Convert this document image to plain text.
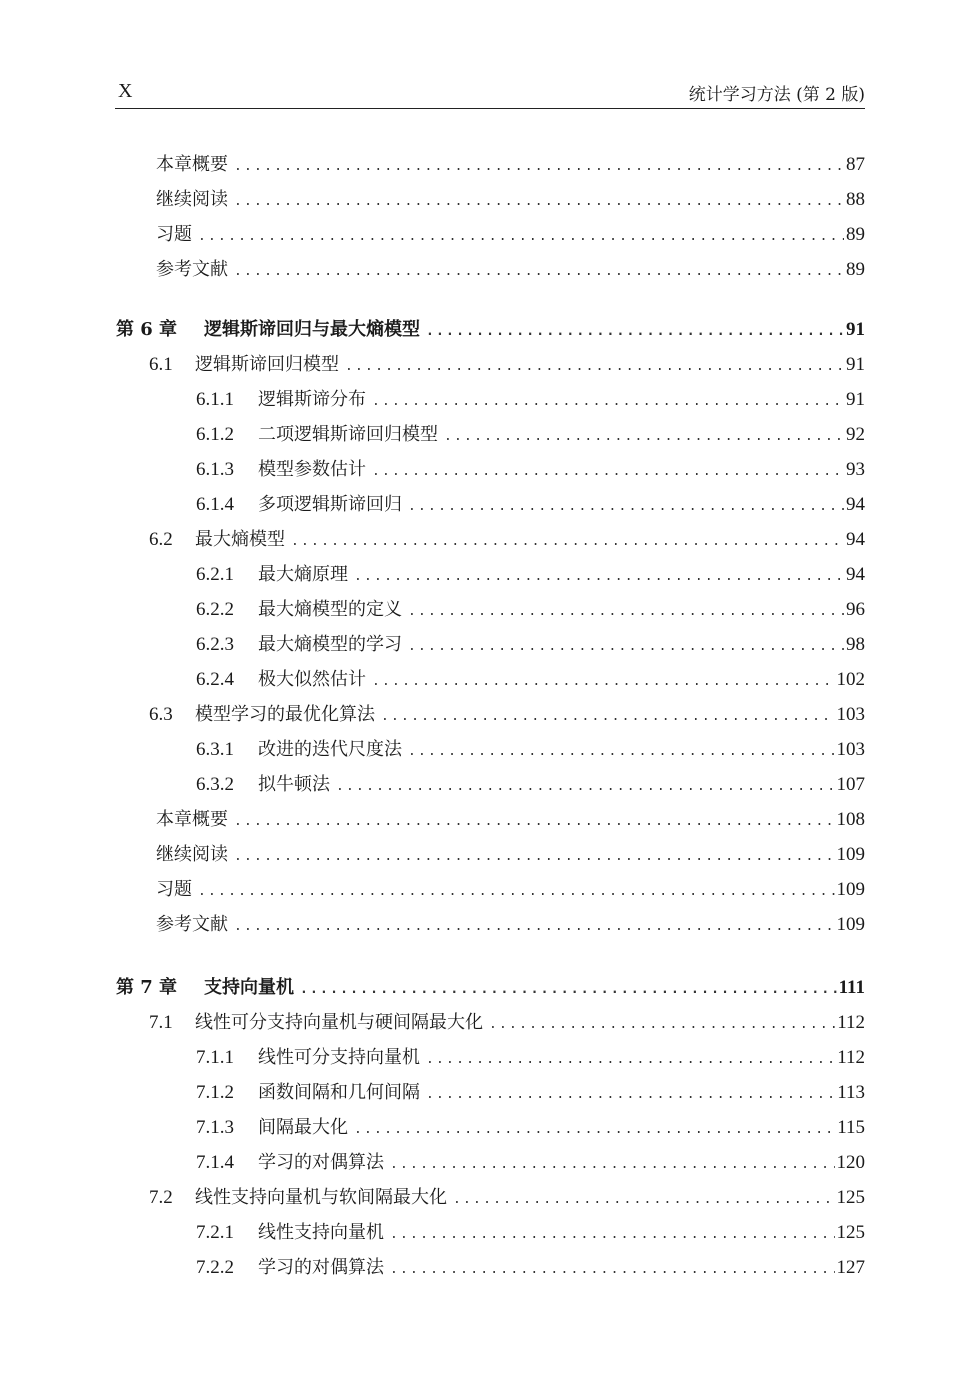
X	统计学习方法 (第 2 版)
本章概要 .....	87
继续阅读 .....	88
习题 .....	89
参考文献 .....	89
第 6 章	逻辑斯谛回归与最大熵模型 .....	91
6.1	逻辑斯谛回归模型 .....	91
6.1.1	逻辑斯谛分布 .....	91
6.1.2	二项逻辑斯谛回归模型 .....	92
6.1.3	模型参数估计 .....	93
6.1.4	多项逻辑斯谛回归 .....	94
6.2	最大熵模型 .....	94
6.2.1	最大熵原理 .....	94
6.2.2	最大熵模型的定义 .....	96
6.2.3	最大熵模型的学习 .....	98
6.2.4	极大似然估计 .....	102
6.3	模型学习的最优化算法 .....	103
6.3.1	改进的迭代尺度法 .....	103
6.3.2	拟牛顿法 .....	107
本章概要 .....	108
继续阅读 .....	109
习题 .....	109
参考文献 .....	109
第 7 章	支持向量机 .....	111
7.1	线性可分支持向量机与硬间隔最大化 .....	112
7.1.1	线性可分支持向量机 .....	112
7.1.2	函数间隔和几何间隔 .....	113
7.1.3	间隔最大化 .....	115
7.1.4	学习的对偶算法 .....	120
7.2	线性支持向量机与软间隔最大化 .....	125
7.2.1	线性支持向量机 .....	125
7.2.2	学习的对偶算法 .....	127
